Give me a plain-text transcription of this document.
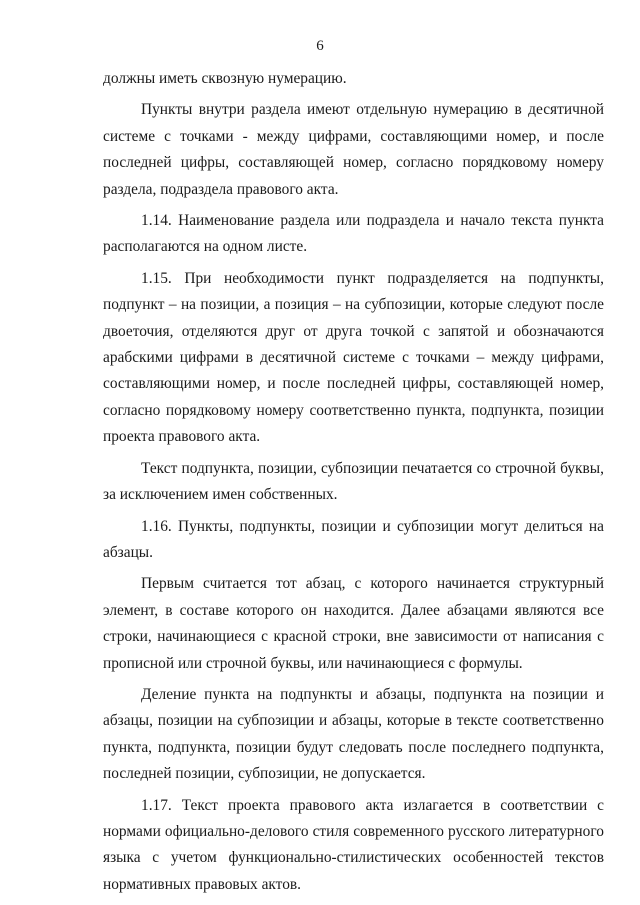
6

должны иметь сквозную нумерацию.

Пункты внутри раздела имеют отдельную нумерацию в десятичной системе с точками - между цифрами, составляющими номер, и после последней цифры, составляющей номер, согласно порядковому номеру раздела, подраздела правового акта.

1.14. Наименование раздела или подраздела и начало текста пункта располагаются на одном листе.

1.15. При необходимости пункт подразделяется на подпункты, подпункт – на позиции, а позиция – на субпозиции, которые следуют после двоеточия, отделяются друг от друга точкой с запятой и обозначаются арабскими цифрами в десятичной системе с точками – между цифрами, составляющими номер, и после последней цифры, составляющей номер, согласно порядковому номеру соответственно пункта, подпункта, позиции проекта правового акта.

Текст подпункта, позиции, субпозиции печатается со строчной буквы, за исключением имен собственных.

1.16. Пункты, подпункты, позиции и субпозиции могут делиться на абзацы.

Первым считается тот абзац, с которого начинается структурный элемент, в составе которого он находится. Далее абзацами являются все строки, начинающиеся с красной строки, вне зависимости от написания с прописной или строчной буквы, или начинающиеся с формулы.

Деление пункта на подпункты и абзацы, подпункта на позиции и абзацы, позиции на субпозиции и абзацы, которые в тексте соответственно пункта, подпункта, позиции будут следовать после последнего подпункта, последней позиции, субпозиции, не допускается.

1.17. Текст проекта правового акта излагается в соответствии с нормами официально-делового стиля современного русского литературного языка с учетом функционально-стилистических особенностей текстов нормативных правовых актов.
